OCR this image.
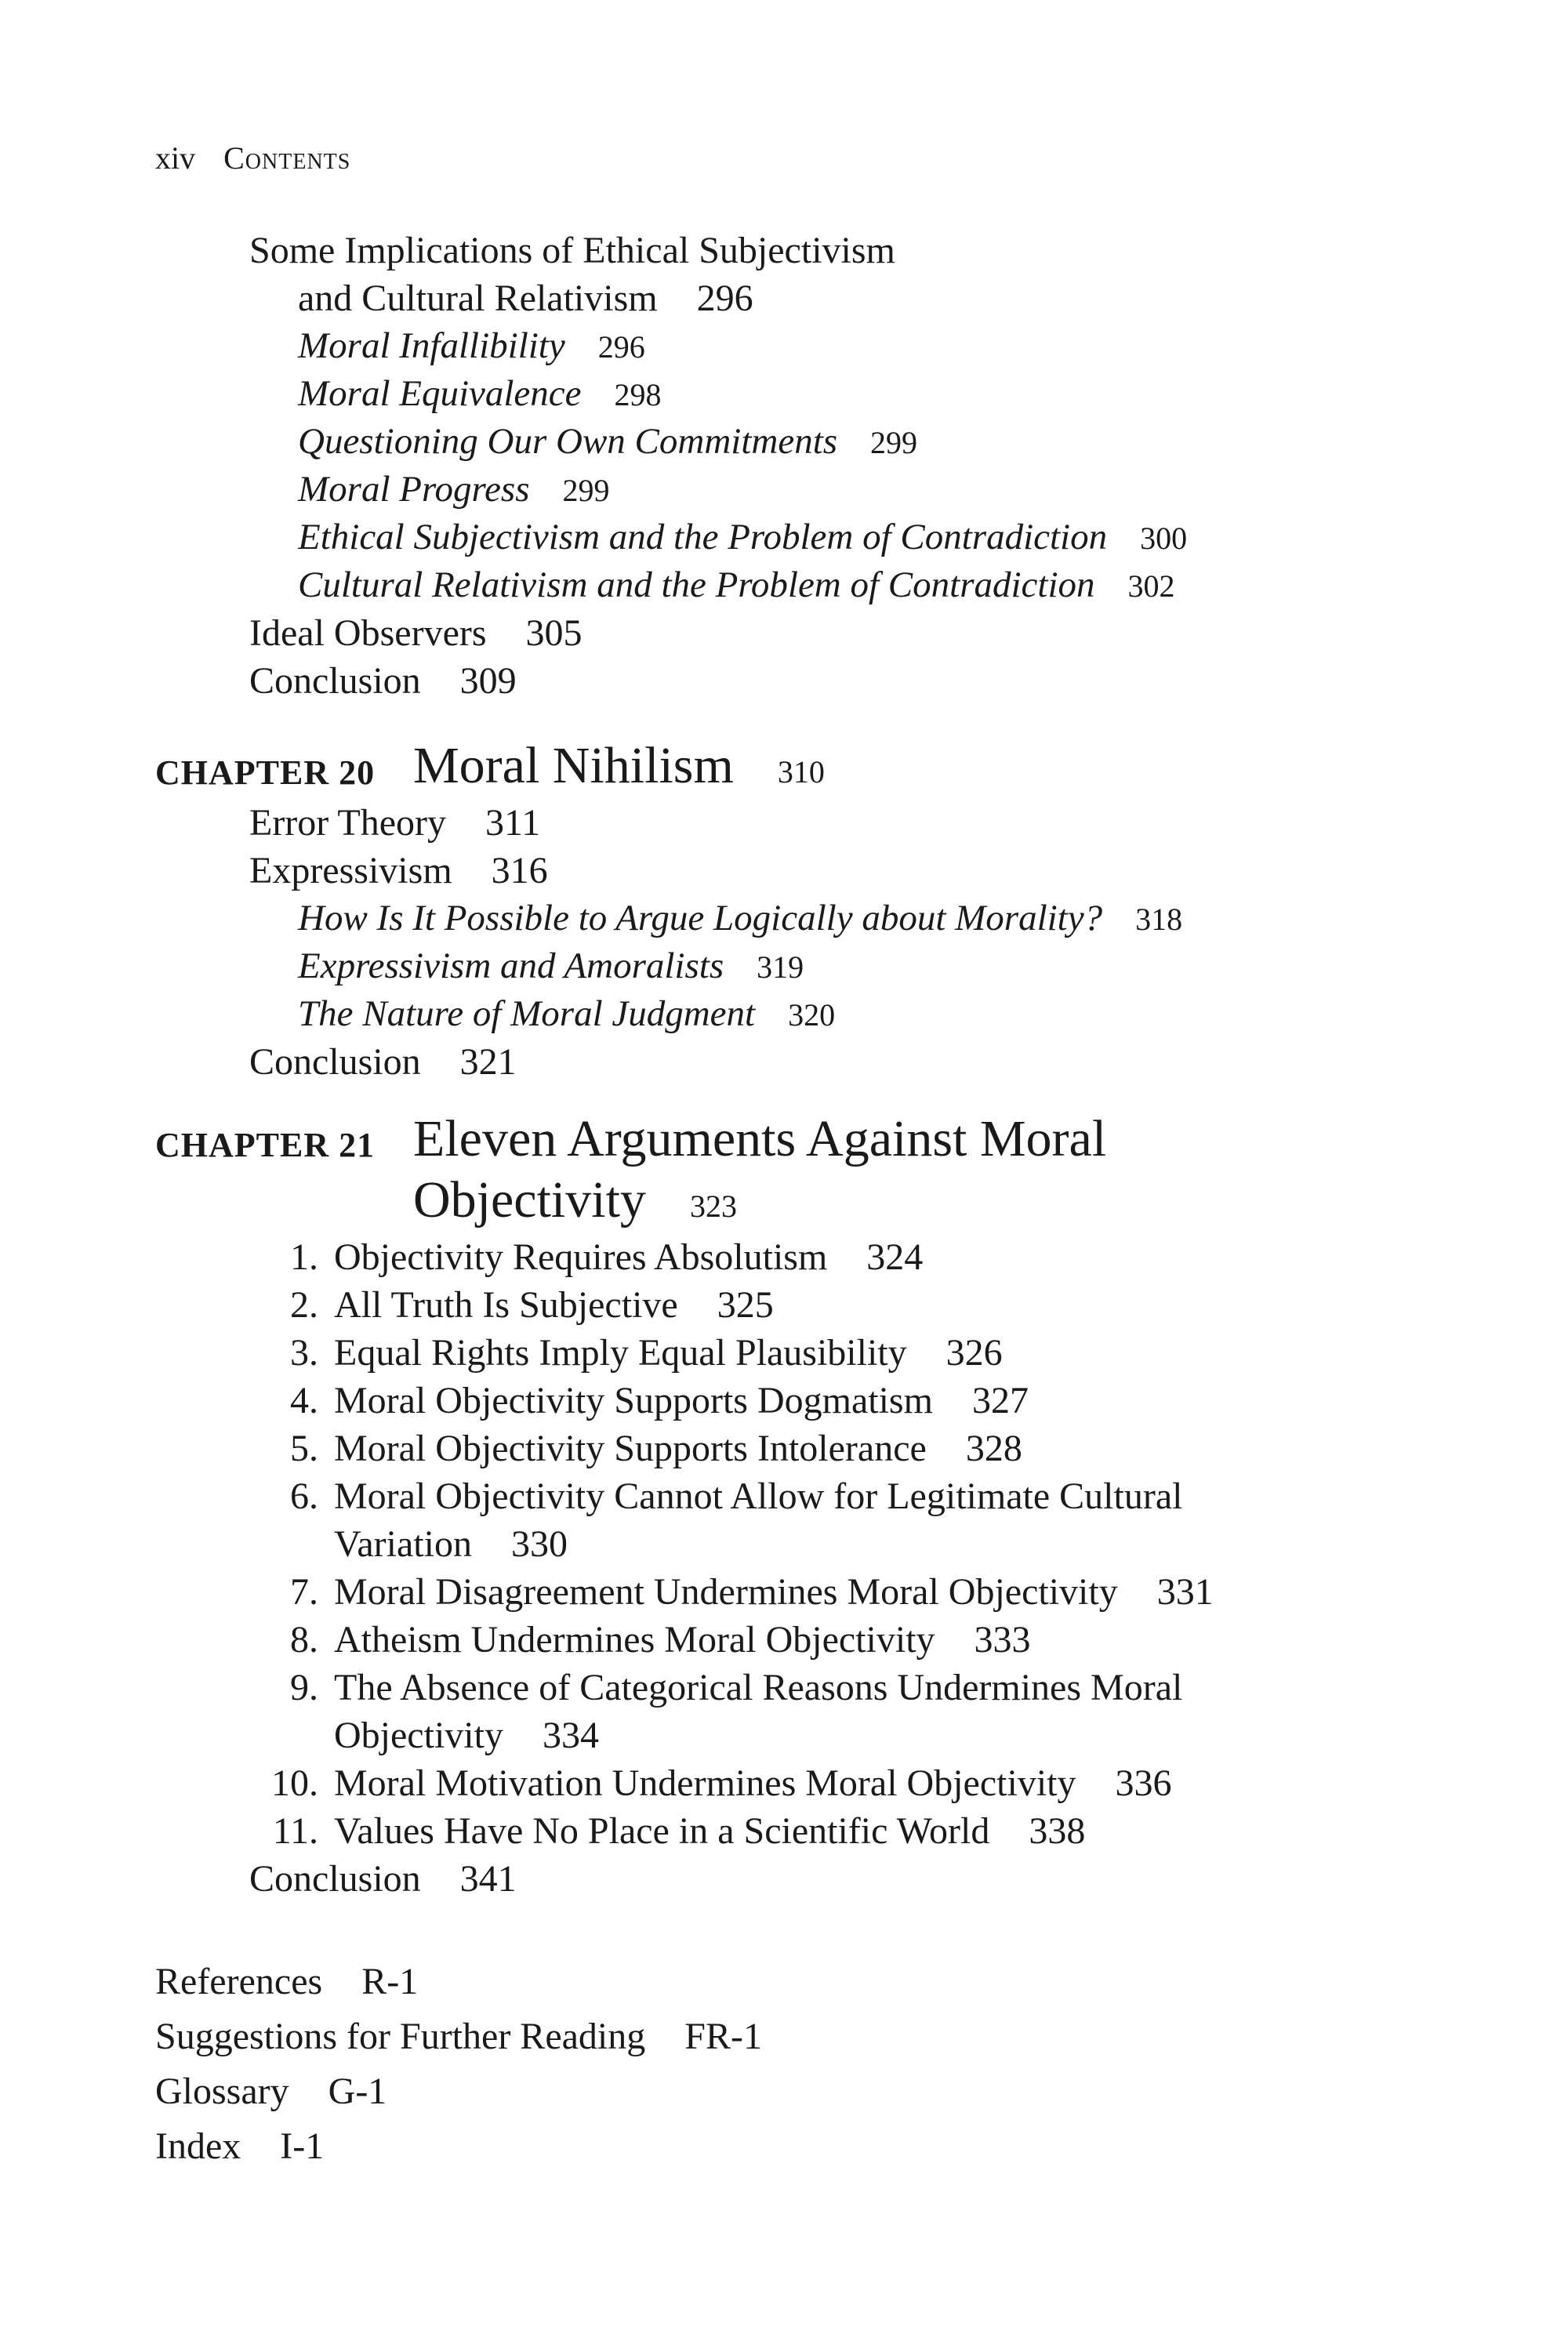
xiv Contents
Some Implications of Ethical Subjectivism
and Cultural Relativism 296
Moral Infallibility 296
Moral Equivalence 298
Questioning Our Own Commitments 299
Moral Progress 299
Ethical Subjectivism and the Problem of Contradiction 300
Cultural Relativism and the Problem of Contradiction 302
Ideal Observers 305
Conclusion 309
CHAPTER 20 Moral Nihilism 310
Error Theory 311
Expressivism 316
How Is It Possible to Argue Logically about Morality? 318
Expressivism and Amoralists 319
The Nature of Moral Judgment 320
Conclusion 321
CHAPTER 21 Eleven Arguments Against Moral
Objectivity 323
1. Objectivity Requires Absolutism 324
2. All Truth Is Subjective 325
3. Equal Rights Imply Equal Plausibility 326
4. Moral Objectivity Supports Dogmatism 327
5. Moral Objectivity Supports Intolerance 328
6. Moral Objectivity Cannot Allow for Legitimate Cultural
Variation 330
7. Moral Disagreement Undermines Moral Objectivity 331
8. Atheism Undermines Moral Objectivity 333
9. The Absence of Categorical Reasons Undermines Moral
Objectivity 334
10. Moral Motivation Undermines Moral Objectivity 336
11. Values Have No Place in a Scientific World 338
Conclusion 341
References R-1
Suggestions for Further Reading FR-1
Glossary G-1
Index I-1
